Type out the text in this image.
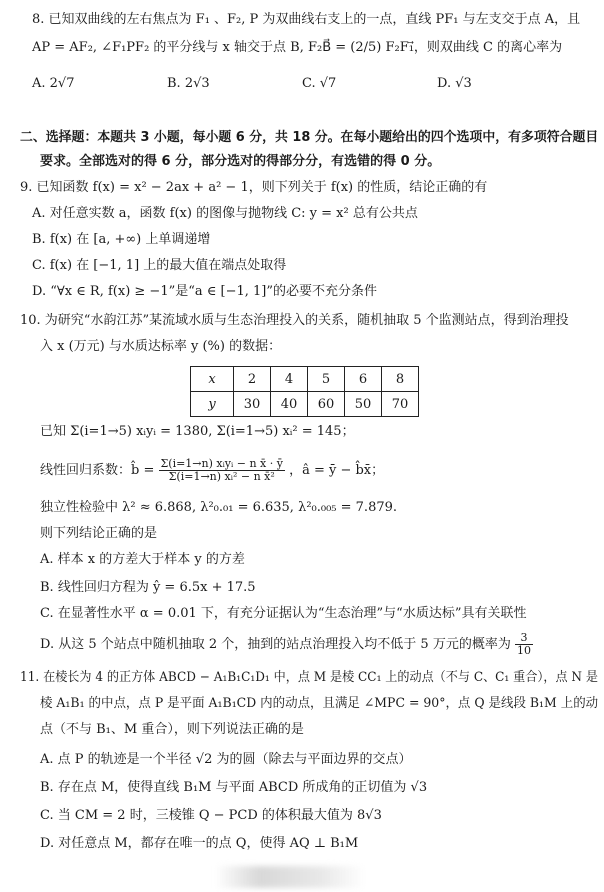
8. 已知双曲线的左右焦点为 F₁ 、F₂, P 为双曲线右支上的一点，直线 PF₁ 与左支交于点 A，且
AP = AF₂, ∠F₁PF₂ 的平分线与 x 轴交于点 B, F₂B⃗ = (2/5) F₂F₁⃗，则双曲线 C 的离心率为
A. 2√7	B. 2√3	C. √7	D. √3
二、选择题：本题共 3 小题，每小题 6 分，共 18 分。在每小题给出的四个选项中，有多项符合题目
要求。全部选对的得 6 分，部分选对的得部分分，有选错的得 0 分。
9. 已知函数 f(x) = x² − 2ax + a² − 1，则下列关于 f(x) 的性质，结论正确的有
A. 对任意实数 a，函数 f(x) 的图像与抛物线 C: y = x² 总有公共点
B. f(x) 在 [a, +∞) 上单调递增
C. f(x) 在 [−1, 1] 上的最大值在端点处取得
D. “∀x ∈ R, f(x) ≥ −1”是“a ∈ [−1, 1]”的必要不充分条件
10. 为研究“水韵江苏”某流域水质与生态治理投入的关系，随机抽取 5 个监测站点，得到治理投
入 x (万元) 与水质达标率 y (%) 的数据：
x	2	4	5	6	8
y	30	40	60	50	70
已知 Σ(i=1→5) xᵢyᵢ = 1380, Σ(i=1→5) xᵢ² = 145；
线性回归系数：b̂ = $\frac{\text{Σ(i=1→n) xᵢyᵢ − n x̄ · ȳ}}{\text{Σ(i=1→n) xᵢ² − n x̄²}}$ ，â = ȳ − b̂x̄；
独立性检验中 λ² ≈ 6.868, λ²₀.₀₁ = 6.635, λ²₀.₀₀₅ = 7.879.
则下列结论正确的是
A. 样本 x 的方差大于样本 y 的方差
B. 线性回归方程为 ŷ = 6.5x + 17.5
C. 在显著性水平 α = 0.01 下，有充分证据认为“生态治理”与“水质达标”具有关联性
D. 从这 5 个站点中随机抽取 2 个，抽到的站点治理投入均不低于 5 万元的概率为 $\frac{3}{10}$
11. 在棱长为 4 的正方体 ABCD − A₁B₁C₁D₁ 中，点 M 是棱 CC₁ 上的动点（不与 C、C₁ 重合），点 N 是
棱 A₁B₁ 的中点，点 P 是平面 A₁B₁CD 内的动点，且满足 ∠MPC = 90°，点 Q 是线段 B₁M 上的动
点（不与 B₁、M 重合），则下列说法正确的是
A. 点 P 的轨迹是一个半径 √2 为的圆（除去与平面边界的交点）
B. 存在点 M，使得直线 B₁M 与平面 ABCD 所成角的正切值为 √3
C. 当 CM = 2 时，三棱锥 Q − PCD 的体积最大值为 8√3
D. 对任意点 M，都存在唯一的点 Q，使得 AQ ⊥ B₁M
